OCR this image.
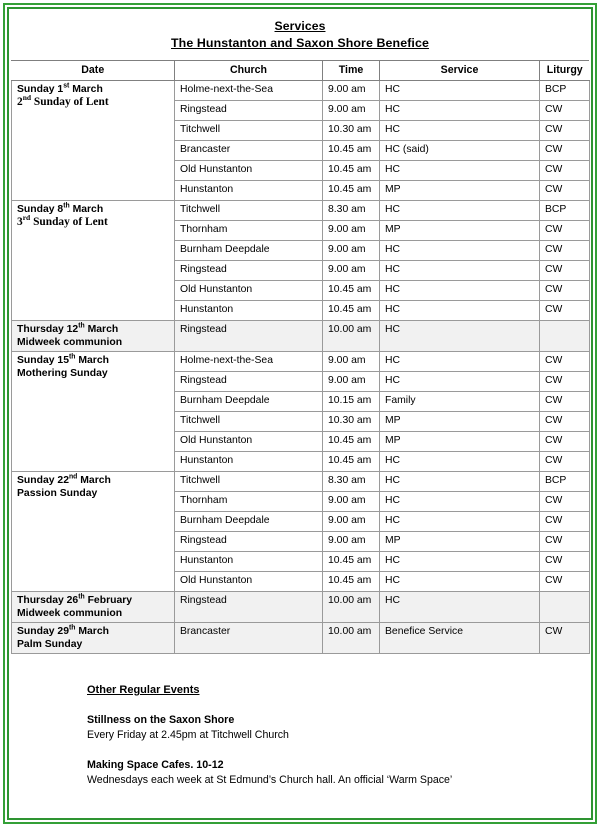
Services
The Hunstanton and Saxon Shore Benefice
Date	Church	Time	Service	Liturgy

Sunday 1st March
2nd Sunday of Lent	Holme-next-the-Sea	9.00 am	HC	BCP
	Ringstead	9.00 am	HC	CW
	Titchwell	10.30 am	HC	CW
	Brancaster	10.45 am	HC (said)	CW
	Old Hunstanton	10.45 am	HC	CW
	Hunstanton	10.45 am	MP	CW

Sunday 8th March
3rd Sunday of Lent	Titchwell	8.30 am	HC	BCP
	Thornham	9.00 am	MP	CW
	Burnham Deepdale	9.00 am	HC	CW
	Ringstead	9.00 am	HC	CW
	Old Hunstanton	10.45 am	HC	CW
	Hunstanton	10.45 am	HC	CW

Thursday 12th March
Midweek communion	Ringstead	10.00 am	HC	

Sunday 15th March
Mothering Sunday	Holme-next-the-Sea	9.00 am	HC	CW
	Ringstead	9.00 am	HC	CW
	Burnham Deepdale	10.15 am	Family	CW
	Titchwell	10.30 am	MP	CW
	Old Hunstanton	10.45 am	MP	CW
	Hunstanton	10.45 am	HC	CW

Sunday 22nd March
Passion Sunday	Titchwell	8.30 am	HC	BCP
	Thornham	9.00 am	HC	CW
	Burnham Deepdale	9.00 am	HC	CW
	Ringstead	9.00 am	MP	CW
	Hunstanton	10.45 am	HC	CW
	Old Hunstanton	10.45 am	HC	CW

Thursday 26th February
Midweek communion	Ringstead	10.00 am	HC	

Sunday 29th March
Palm Sunday	Brancaster	10.00 am	Benefice Service	CW
Other Regular Events
Stillness on the Saxon Shore
Every Friday at 2.45pm at Titchwell Church
Making Space Cafes. 10-12
Wednesdays each week at St Edmund’s Church hall. An official ‘Warm Space’
